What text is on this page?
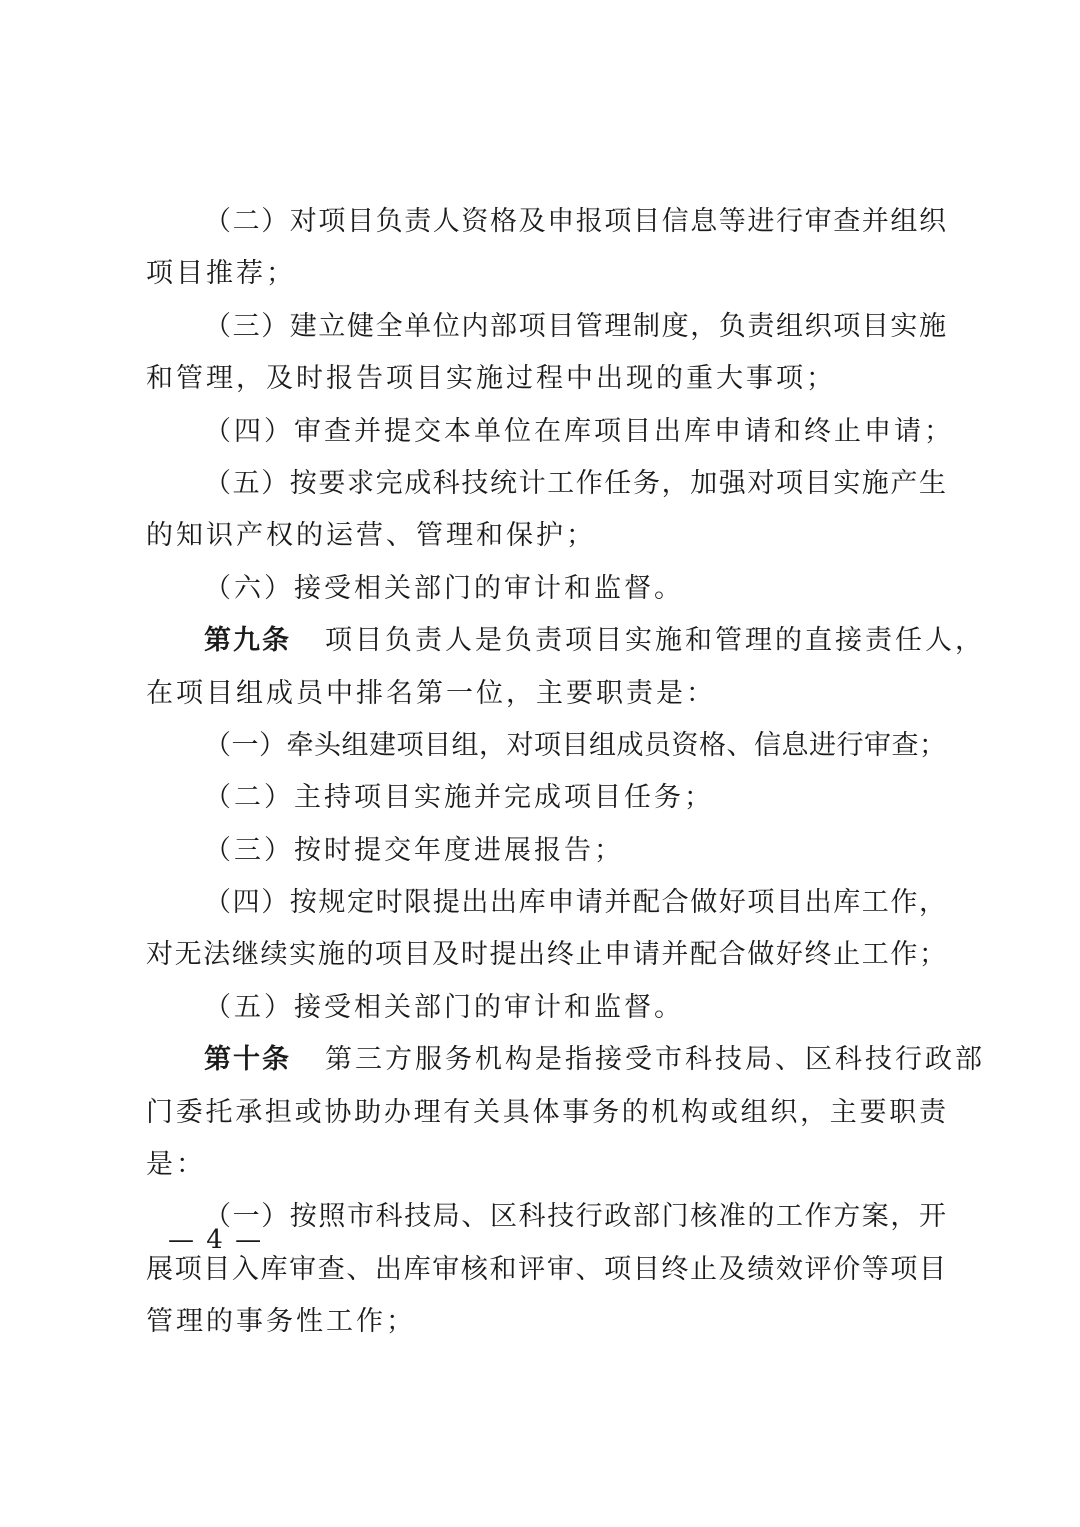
（二）对项目负责人资格及申报项目信息等进行审查并组织
项目推荐；
（三）建立健全单位内部项目管理制度，负责组织项目实施
和管理，及时报告项目实施过程中出现的重大事项；
（四）审查并提交本单位在库项目出库申请和终止申请；
（五）按要求完成科技统计工作任务，加强对项目实施产生
的知识产权的运营、管理和保护；
（六）接受相关部门的审计和监督。
第九条 项目负责人是负责项目实施和管理的直接责任人，
在项目组成员中排名第一位，主要职责是：
（一）牵头组建项目组，对项目组成员资格、信息进行审查；
（二）主持项目实施并完成项目任务；
（三）按时提交年度进展报告；
（四）按规定时限提出出库申请并配合做好项目出库工作，
对无法继续实施的项目及时提出终止申请并配合做好终止工作；
（五）接受相关部门的审计和监督。
第十条 第三方服务机构是指接受市科技局、区科技行政部
门委托承担或协助办理有关具体事务的机构或组织，主要职责
是：
（一）按照市科技局、区科技行政部门核准的工作方案，开
展项目入库审查、出库审核和评审、项目终止及绩效评价等项目
管理的事务性工作；
— 4 —
